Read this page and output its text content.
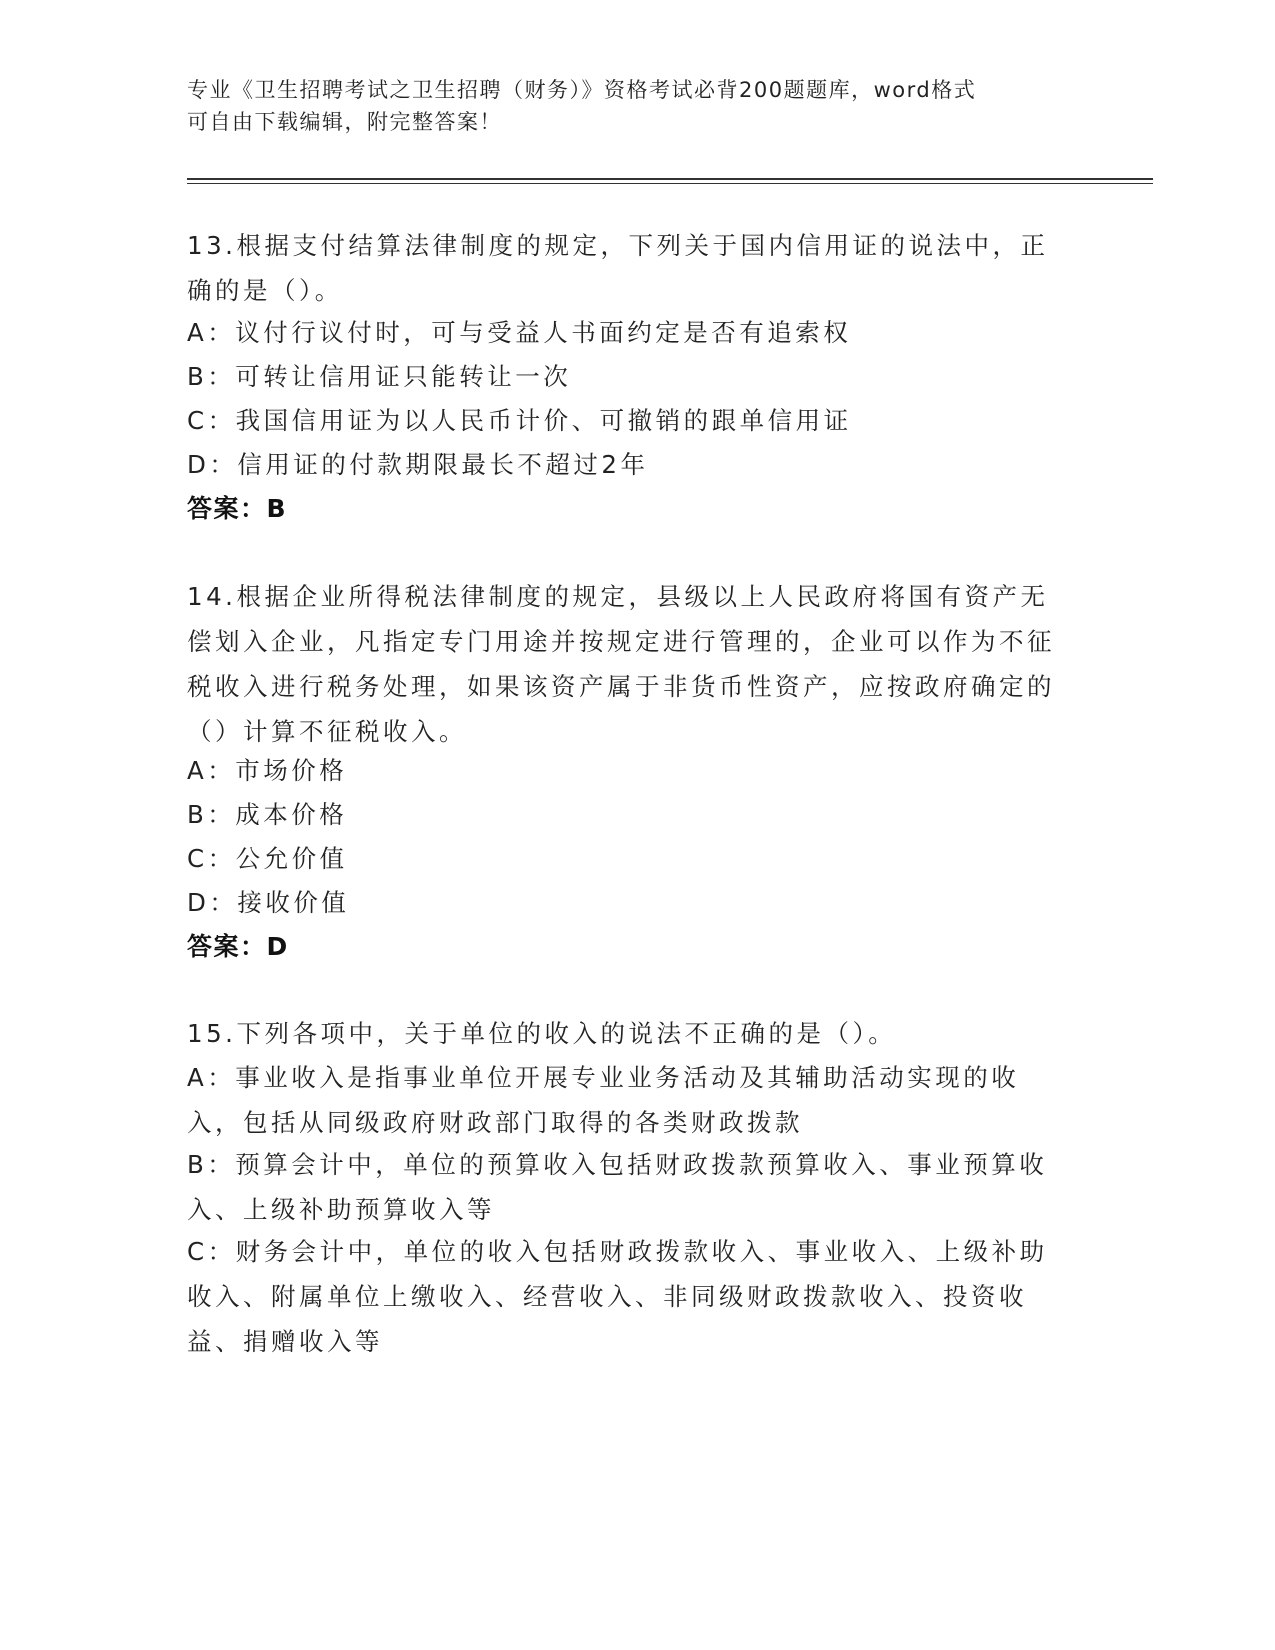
专业《卫生招聘考试之卫生招聘（财务）》资格考试必背200题题库，word格式
可自由下载编辑，附完整答案！
13.根据支付结算法律制度的规定，下列关于国内信用证的说法中，正确的是（）。
A：议付行议付时，可与受益人书面约定是否有追索权
B：可转让信用证只能转让一次
C：我国信用证为以人民币计价、可撤销的跟单信用证
D：信用证的付款期限最长不超过2年
答案：B
14.根据企业所得税法律制度的规定，县级以上人民政府将国有资产无偿划入企业，凡指定专门用途并按规定进行管理的，企业可以作为不征税收入进行税务处理，如果该资产属于非货币性资产，应按政府确定的（）计算不征税收入。
A：市场价格
B：成本价格
C：公允价值
D：接收价值
答案：D
15.下列各项中，关于单位的收入的说法不正确的是（）。
A：事业收入是指事业单位开展专业业务活动及其辅助活动实现的收入，包括从同级政府财政部门取得的各类财政拨款
B：预算会计中，单位的预算收入包括财政拨款预算收入、事业预算收入、上级补助预算收入等
C：财务会计中，单位的收入包括财政拨款收入、事业收入、上级补助收入、附属单位上缴收入、经营收入、非同级财政拨款收入、投资收益、捐赠收入等
